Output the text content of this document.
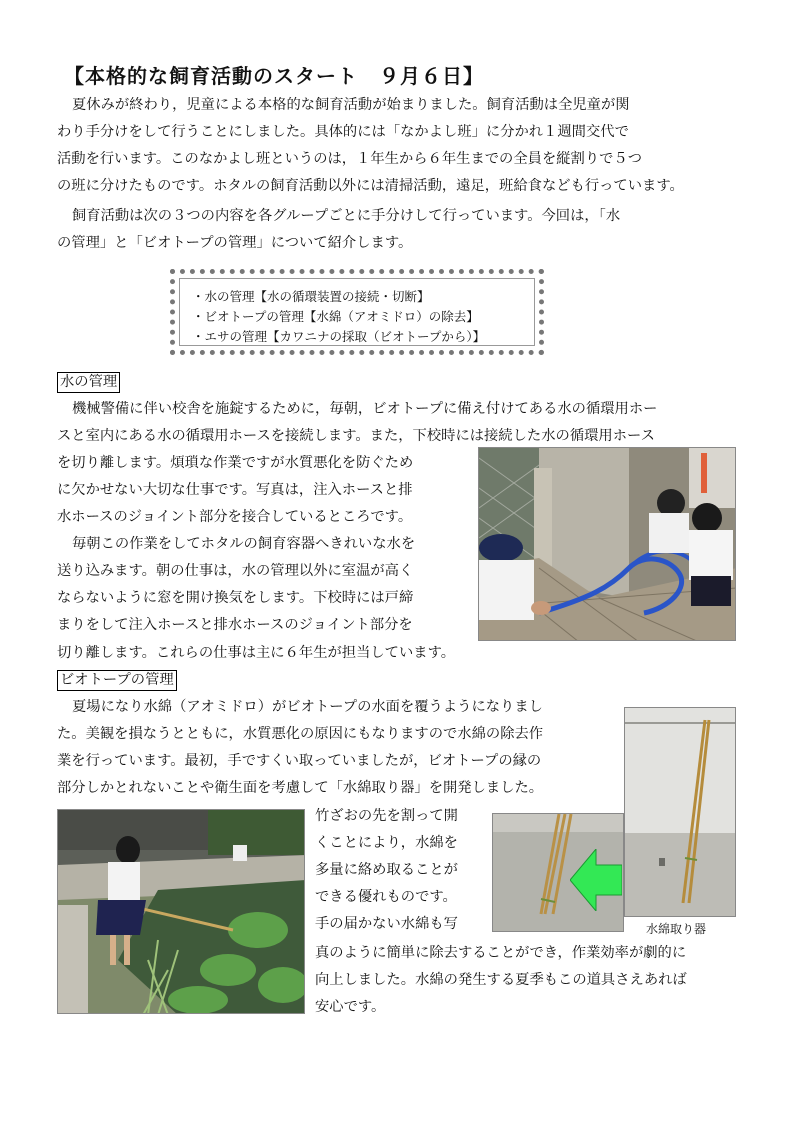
【本格的な飼育活動のスタート　９月６日】
夏休みが終わり，児童による本格的な飼育活動が始まりました。飼育活動は全児童が関
わり手分けをして行うことにしました。具体的には「なかよし班」に分かれ１週間交代で
活動を行います。このなかよし班というのは，１年生から６年生までの全員を縦割りで５つ
の班に分けたものです。ホタルの飼育活動以外には清掃活動，遠足，班給食なども行っています。
飼育活動は次の３つの内容を各グループごとに手分けして行っています。今回は，「水
の管理」と「ビオトープの管理」について紹介します。
・水の管理【水の循環装置の接続・切断】
・ビオトープの管理【水綿（アオミドロ）の除去】
・エサの管理【カワニナの採取（ビオトープから）】
水の管理
機械警備に伴い校舎を施錠するために，毎朝，ビオトープに備え付けてある水の循環用ホー
スと室内にある水の循環用ホースを接続します。また，下校時には接続した水の循環用ホース
を切り離します。煩瑣な作業ですが水質悪化を防ぐため
に欠かせない大切な仕事です。写真は，注入ホースと排
水ホースのジョイント部分を接合しているところです。
毎朝この作業をしてホタルの飼育容器へきれいな水を
送り込みます。朝の仕事は，水の管理以外に室温が高く
ならないように窓を開け換気をします。下校時には戸締
まりをして注入ホースと排水ホースのジョイント部分を
切り離します。これらの仕事は主に６年生が担当しています。
ビオトープの管理
夏場になり水綿（アオミドロ）がビオトープの水面を覆うようになりまし
た。美観を損なうとともに，水質悪化の原因にもなりますので水綿の除去作
業を行っています。最初，手ですくい取っていましたが，ビオトープの縁の
部分しかとれないことや衛生面を考慮して「水綿取り器」を開発しました。
竹ざおの先を割って開
くことにより，水綿を
多量に絡め取ることが
できる優れものです。
手の届かない水綿も写
真のように簡単に除去することができ，作業効率が劇的に
向上しました。水綿の発生する夏季もこの道具さえあれば
安心です。
水綿取り器
